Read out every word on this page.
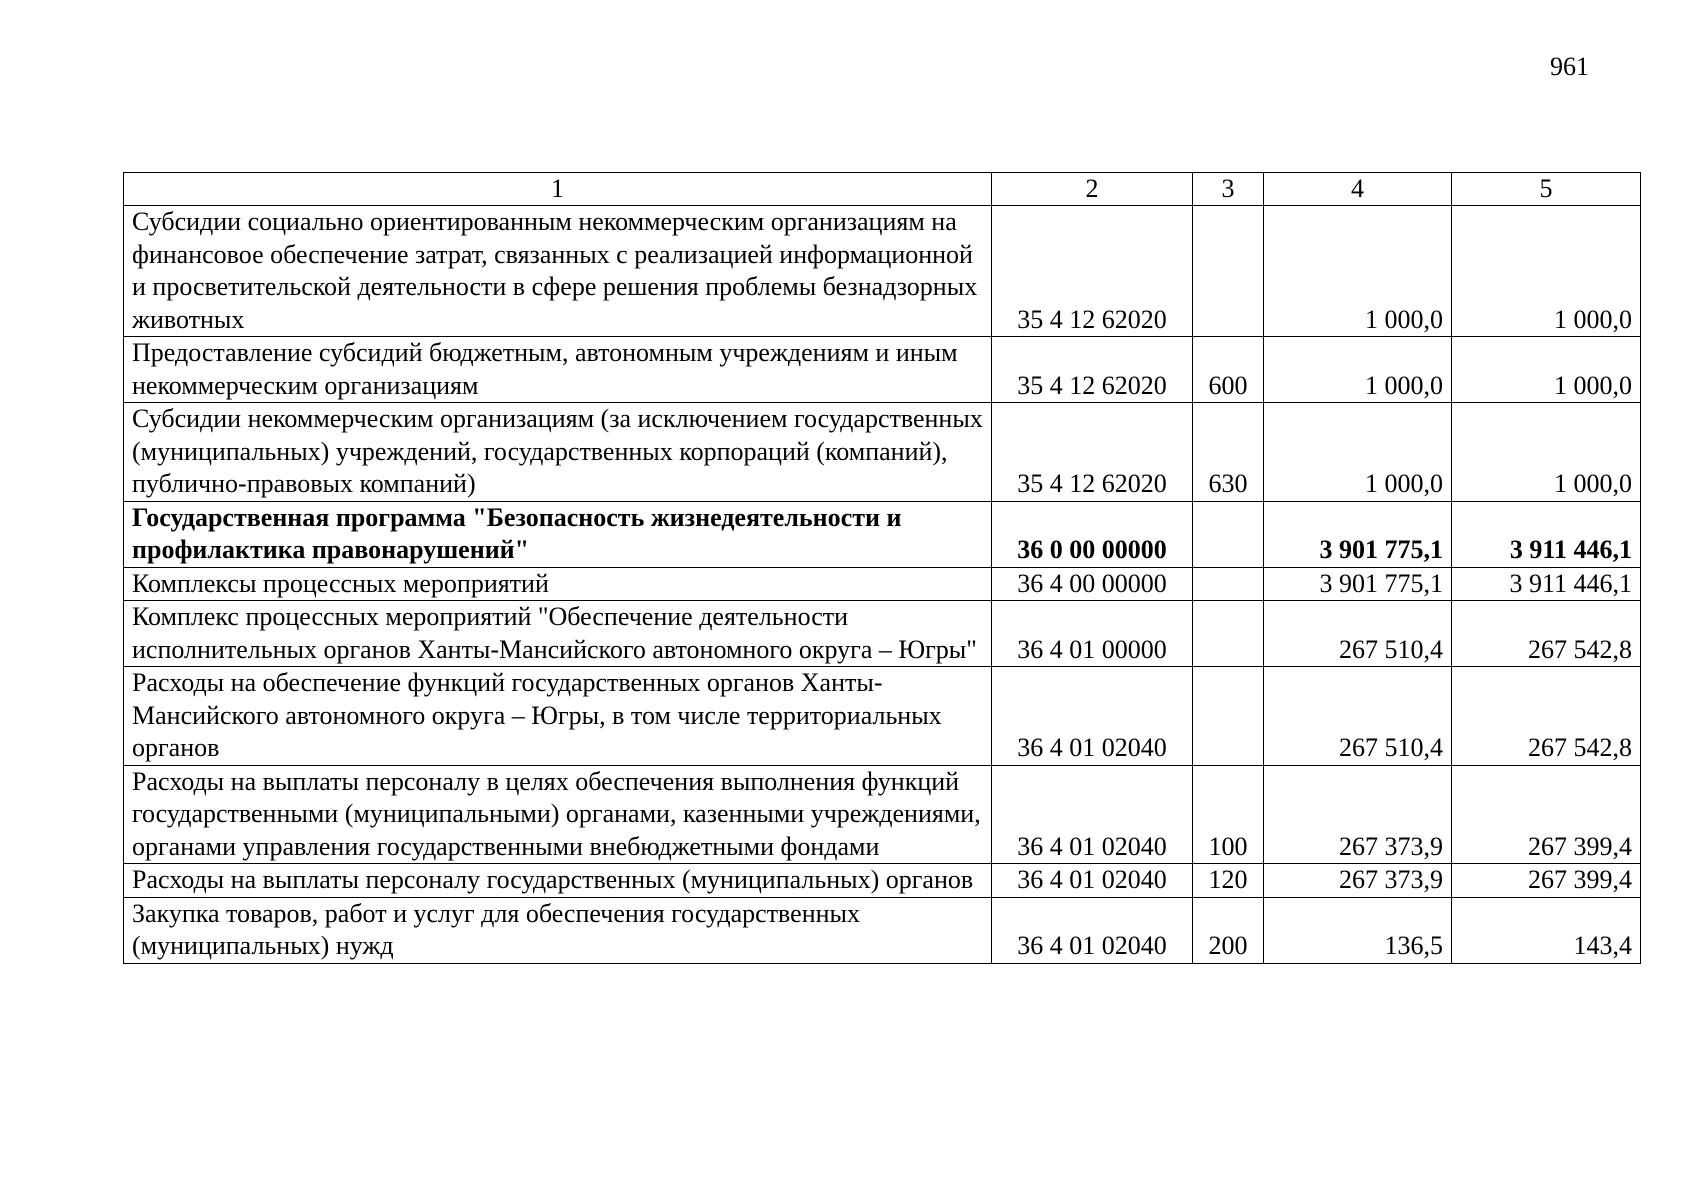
961
1	2	3	4	5
Субсидии социально ориентированным некоммерческим организациям на финансовое обеспечение затрат, связанных с реализацией информационной и просветительской деятельности в сфере решения проблемы безнадзорных животных	35 4 12 62020		1 000,0	1 000,0
Предоставление субсидий бюджетным, автономным учреждениям и иным некоммерческим организациям	35 4 12 62020	600	1 000,0	1 000,0
Субсидии некоммерческим организациям (за исключением государственных (муниципальных) учреждений, государственных корпораций (компаний), публично-правовых компаний)	35 4 12 62020	630	1 000,0	1 000,0
Государственная программа "Безопасность жизнедеятельности и профилактика правонарушений"	36 0 00 00000		3 901 775,1	3 911 446,1
Комплексы процессных мероприятий	36 4 00 00000		3 901 775,1	3 911 446,1
Комплекс процессных мероприятий "Обеспечение деятельности исполнительных органов Ханты-Мансийского автономного округа – Югры"	36 4 01 00000		267 510,4	267 542,8
Расходы на обеспечение функций государственных органов Ханты-Мансийского автономного округа – Югры, в том числе территориальных органов	36 4 01 02040		267 510,4	267 542,8
Расходы на выплаты персоналу в целях обеспечения выполнения функций государственными (муниципальными) органами, казенными учреждениями, органами управления государственными внебюджетными фондами	36 4 01 02040	100	267 373,9	267 399,4
Расходы на выплаты персоналу государственных (муниципальных) органов	36 4 01 02040	120	267 373,9	267 399,4
Закупка товаров, работ и услуг для обеспечения государственных (муниципальных) нужд	36 4 01 02040	200	136,5	143,4
